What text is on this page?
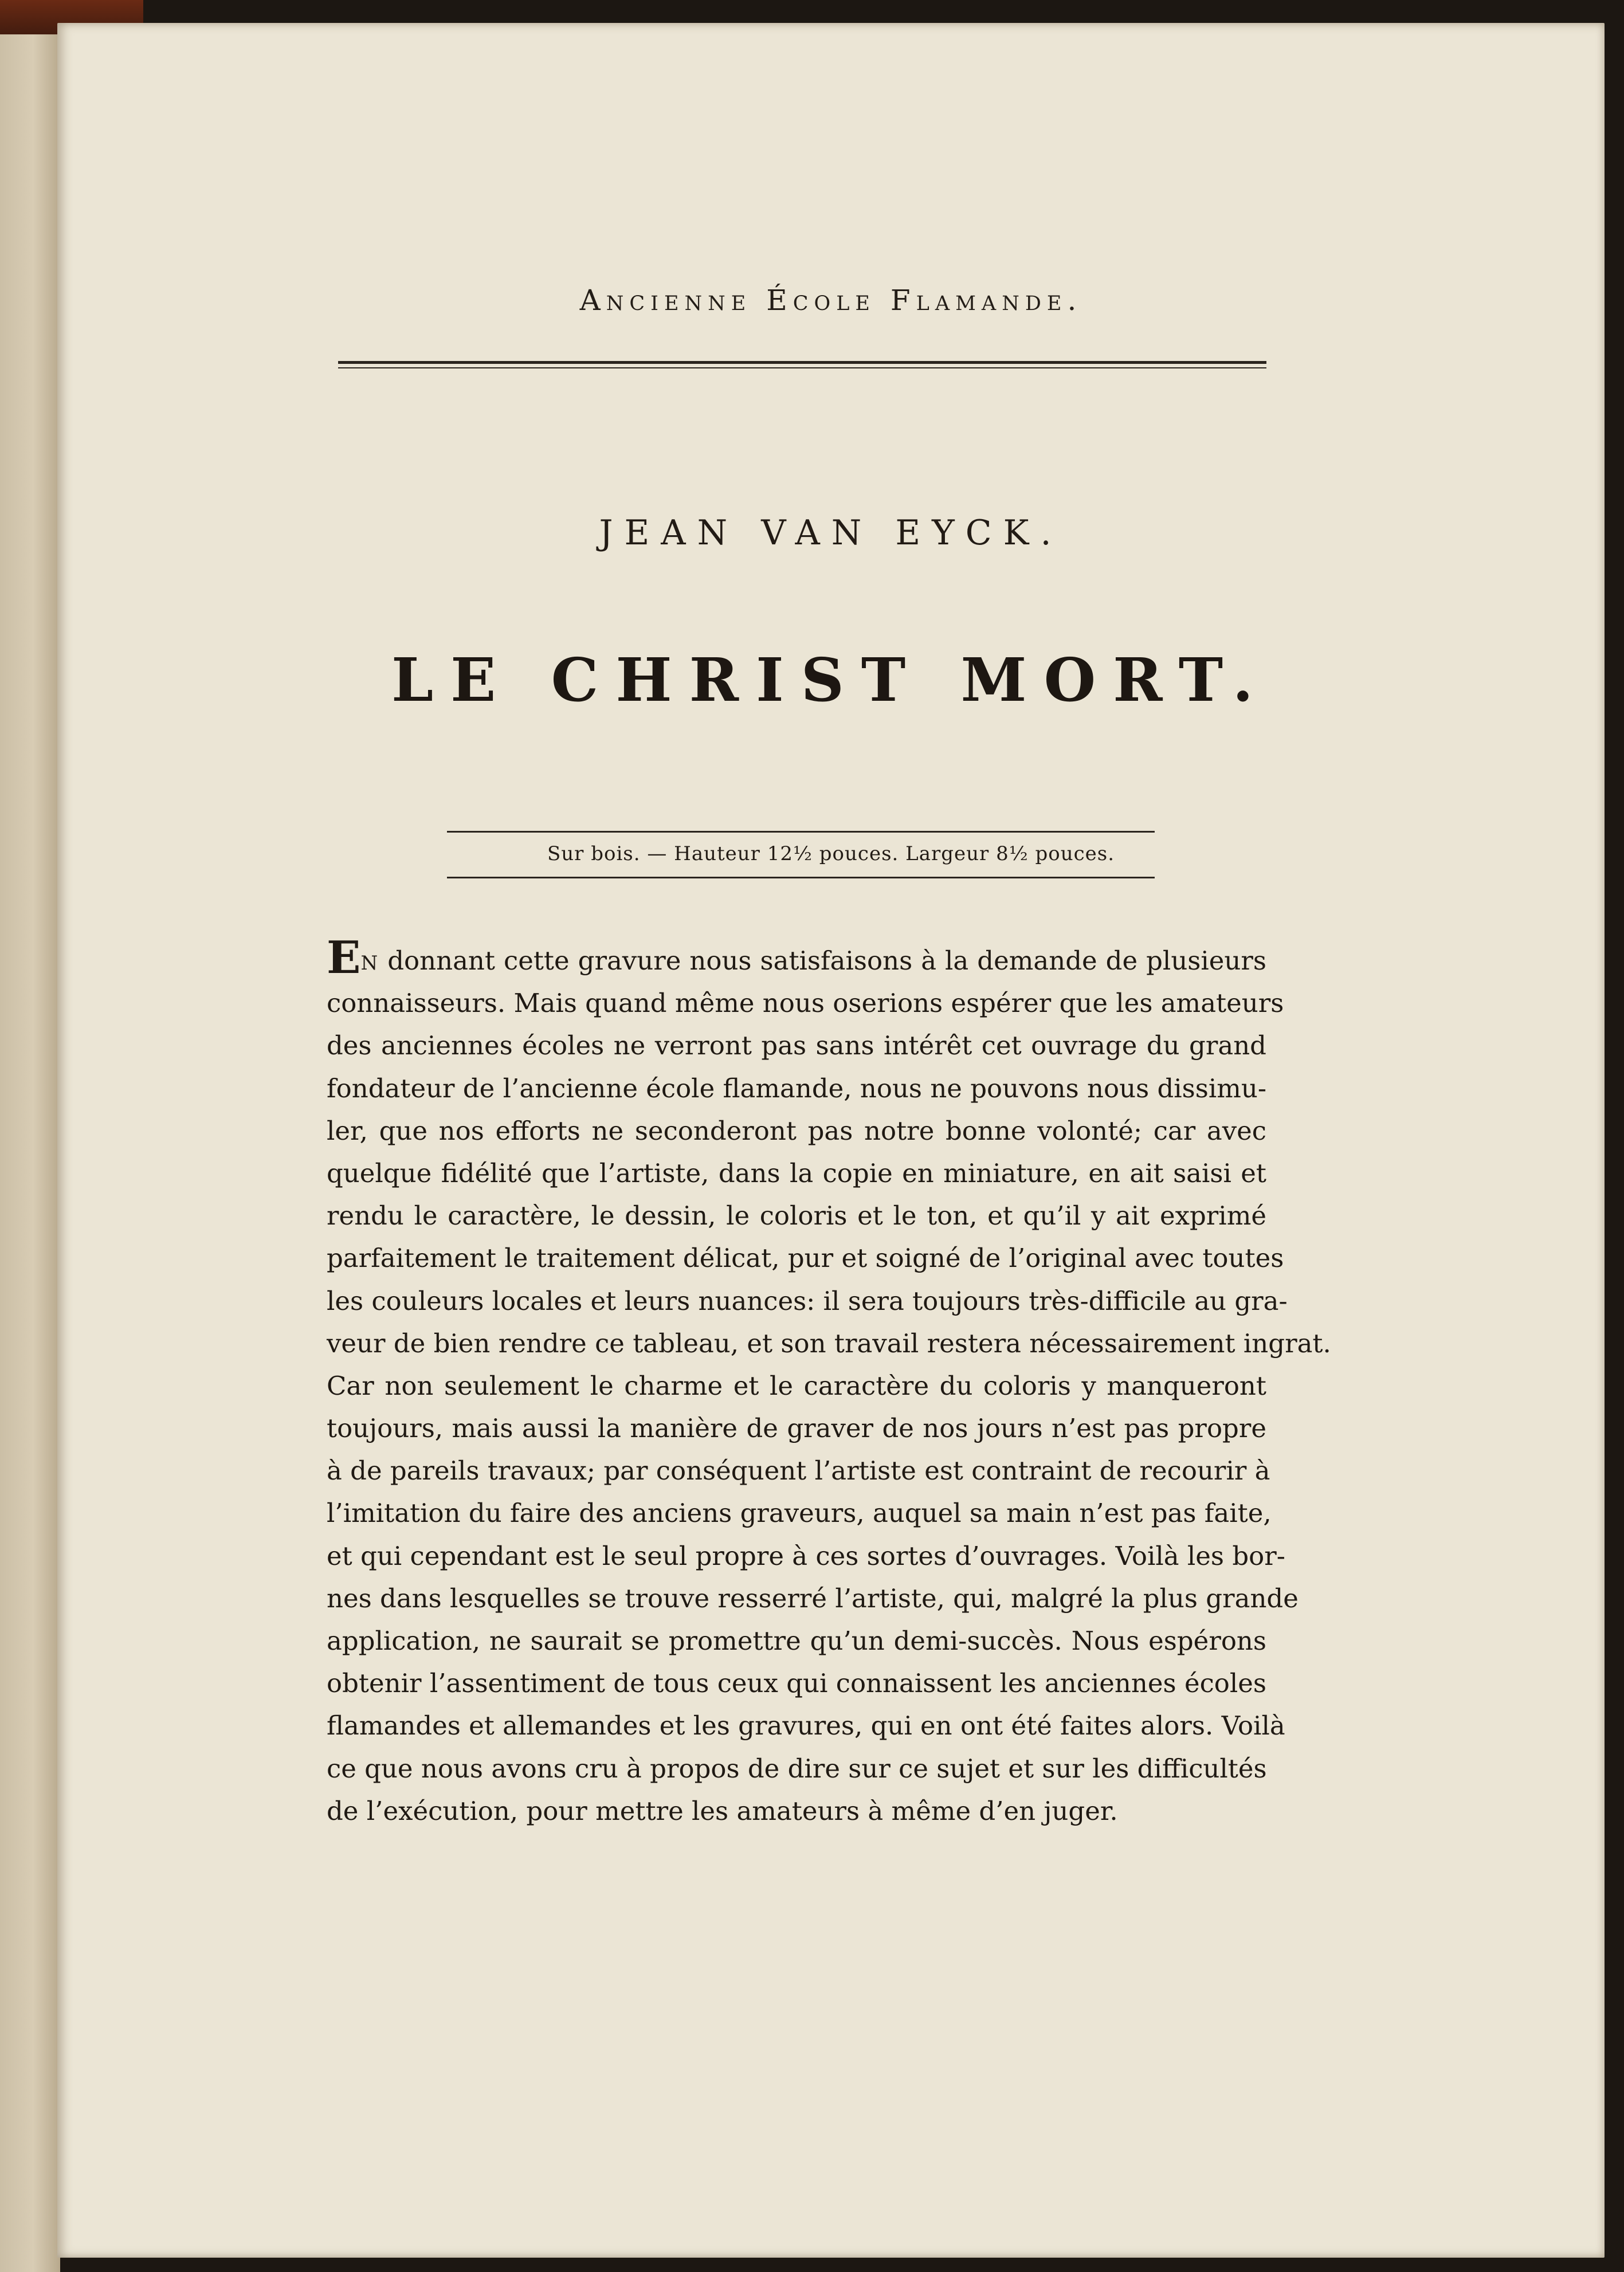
Ancienne École Flamande.
JEAN VAN EYCK.
LE CHRIST MORT.
Sur bois. — Hauteur 12½ pouces. Largeur 8½ pouces.
EN donnant cette gravure nous satisfaisons à la demande de plusieurs
connaisseurs. Mais quand même nous oserions espérer que les amateurs
des anciennes écoles ne verront pas sans intérêt cet ouvrage du grand
fondateur de l’ancienne école flamande, nous ne pouvons nous dissimu-
ler, que nos efforts ne seconderont pas notre bonne volonté; car avec
quelque fidélité que l’artiste, dans la copie en miniature, en ait saisi et
rendu le caractère, le dessin, le coloris et le ton, et qu’il y ait exprimé
parfaitement le traitement délicat, pur et soigné de l’original avec toutes
les couleurs locales et leurs nuances: il sera toujours très-difficile au gra-
veur de bien rendre ce tableau, et son travail restera nécessairement ingrat.
Car non seulement le charme et le caractère du coloris y manqueront
toujours, mais aussi la manière de graver de nos jours n’est pas propre
à de pareils travaux; par conséquent l’artiste est contraint de recourir à
l’imitation du faire des anciens graveurs, auquel sa main n’est pas faite,
et qui cependant est le seul propre à ces sortes d’ouvrages. Voilà les bor-
nes dans lesquelles se trouve resserré l’artiste, qui, malgré la plus grande
application, ne saurait se promettre qu’un demi-succès. Nous espérons
obtenir l’assentiment de tous ceux qui connaissent les anciennes écoles
flamandes et allemandes et les gravures, qui en ont été faites alors. Voilà
ce que nous avons cru à propos de dire sur ce sujet et sur les difficultés
de l’exécution, pour mettre les amateurs à même d’en juger.
